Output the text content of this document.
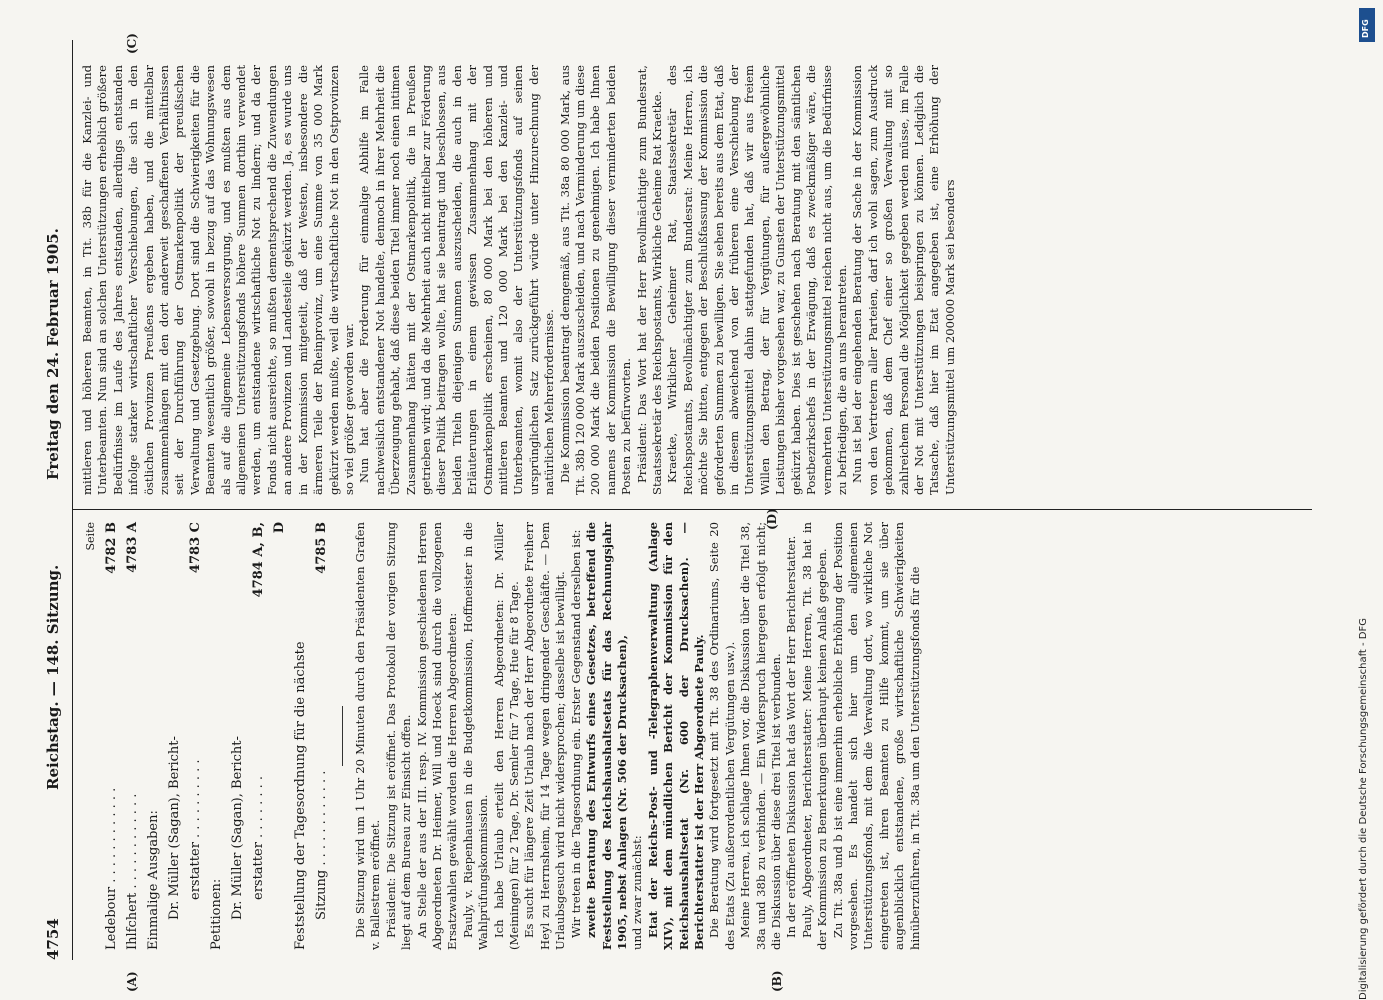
4754
Reichstag. — 148. Sitzung.
Freitag den 24. Februar 1905.
(A)	(B)
(C)
(D)
Seite
Ledebour . . . . . . . . . . . .
4782 B
Ihlfchert . . . . . . . . . . . .
4783 A
Einmalige Ausgaben: Dr. Müller (Sagan), Bericht- erstatter . . . . . . . . . .
4783 C
Petitionen: Dr. Müller (Sagan), Bericht- erstatter . . . . . . . .
4784 A, B, D
Feststellung der Tagesordnung für die nächste Sitzung . . . . . . . . . . . .
4785 B Die Sitzung wird um 1 Uhr 20 Minuten durch den Präsidenten Grafen v. Ballestrem eröffnet. Präsident: Die Sitzung ist eröffnet. Das Protokoll der vorigen Sitzung liegt auf dem Bureau zur Einsicht offen. An Stelle der aus der III. resp. IV. Kommission geschiedenen Herren Abgeordneten Dr. Heimer, Will und Hoeck sind durch die vollzogenen Ersatzwahlen gewählt worden die Herren Abgeordneten: Pauly, v. Riepenhausen in die Budgetkommission, Hoffmeister in die Wahlprüfungskommission. Ich habe Urlaub erteilt den Herren Abgeordneten: Dr. Müller (Meiningen) für 2 Tage, Dr. Semler für 7 Tage, Hue für 8 Tage. Es sucht für längere Zeit Urlaub nach der Herr Abgeordnete Freiherr Heyl zu Herrnsheim, für 14 Tage wegen dringender Geschäfte. — Dem Urlaubsgesuch wird nicht widersprochen; dasselbe ist bewilligt. Wir treten in die Tagesordnung ein. Erster Gegenstand derselben ist: zweite Beratung des Entwurfs eines Gesetzes, betreffend die Feststellung des Reichshaushaltsetats für das Rechnungsjahr 1905, nebst Anlagen (Nr. 506 der Drucksachen), und zwar zunächst: Etat der Reichs-Post- und -Telegraphenverwaltung (Anlage XIV), mit dem mündlichen Bericht der Kommission für den Reichshaushaltsetat (Nr. 600 der Drucksachen). — Berichterstatter ist der Herr Abgeordnete Pauly. Die Beratung wird fortgesetzt mit Tit. 38 des Ordinariums, Seite 20 des Etats (Zu außerordentlichen Vergütungen usw.). Meine Herren, ich schlage Ihnen vor, die Diskussion über die Titel 38, 38a und 38b zu verbinden. — Ein Widerspruch hiergegen erfolgt nicht; die Diskussion über diese drei Titel ist verbunden. In der eröffneten Diskussion hat das Wort der Herr Berichterstatter. Pauly, Abgeordneter, Berichterstatter: Meine Herren, Tit. 38 hat in der Kommission zu Bemerkungen überhaupt keinen Anlaß gegeben. Zu Tit. 38a und b ist eine immerhin erhebliche Erhöhung der Position vorgesehen. Es handelt sich hier um den allgemeinen Unterstützungsfonds, mit dem die Verwaltung dort, wo wirkliche Not eingetreten ist, ihren Beamten zu Hilfe kommt, um sie über augenblicklich entstandene, große wirtschaftliche Schwierigkeiten hinüberzuführen, in Tit. 38a um den Unterstützungsfonds für die

mittleren und höheren Beamten, in Tit. 38b für die Kanzlei- und Unterbeamten. Nun sind an solchen Unterstützungen erheblich größere Bedürfnisse im Laufe des Jahres entstanden, allerdings entstanden infolge starker wirtschaftlicher Verschiebungen, die sich in den östlichen Provinzen Preußens ergeben haben, und die mittelbar zusammenhängen mit den dort anderweit geschaffenen Verhältnissen seit der Durchführung der Ostmarkenpolitik der preußischen Verwaltung und Gesetzgebung. Dort sind die Schwierigkeiten für die Beamten wesentlich größer, sowohl in bezug auf das Wohnungswesen als auf die allgemeine Lebensversorgung, und es mußten aus dem allgemeinen Unterstützungsfonds höhere Summen dorthin verwendet werden, um entstandene wirtschaftliche Not zu lindern; und da der Fonds nicht ausreichte, so mußten dementsprechend die Zuwendungen an andere Provinzen und Landesteile gekürzt werden. Ja, es wurde uns in der Kommission mitgeteilt, daß der Westen, insbesondere die ärmeren Teile der Rheinprovinz, um eine Summe von 35 000 Mark gekürzt werden mußte, weil die wirtschaftliche Not in den Ostprovinzen so viel größer geworden war. Nun hat aber die Forderung für einmalige Abhilfe im Falle nachweislich entstandener Not handelte, dennoch in ihrer Mehrheit die Überzeugung gehabt, daß diese beiden Titel immer noch einen intimen Zusammenhang hätten mit der Ostmarkenpolitik, die in Preußen getrieben wird; und da die Mehrheit auch nicht mittelbar zur Förderung dieser Politik beitragen wollte, hat sie beantragt und beschlossen, aus beiden Titeln diejenigen Summen auszuscheiden, die auch in den Erläuterungen in einem gewissen Zusammenhang mit der Ostmarkenpolitik erscheinen, 80 000 Mark bei den höheren und mittleren Beamten und 120 000 Mark bei den Kanzlei- und Unterbeamten, womit also der Unterstützungsfonds auf seinen ursprünglichen Satz zurückgeführt würde unter Hinzurechnung der natürlichen Mehrerfordernisse. Die Kommission beantragt demgemäß, aus Tit. 38a 80 000 Mark, aus Tit. 38b 120 000 Mark auszuscheiden, und nach Verminderung um diese 200 000 Mark die beiden Positionen zu genehmigen. Ich habe Ihnen namens der Kommission die Bewilligung dieser verminderten beiden Posten zu befürworten. Präsident: Das Wort hat der Herr Bevollmächtigte zum Bundesrat, Staatssekretär des Reichspostamts, Wirkliche Geheime Rat Kraetke. Kraetke, Wirklicher Geheimer Rat, Staatssekretär des Reichspostamts, Bevollmächtigter zum Bundesrat: Meine Herren, ich möchte Sie bitten, entgegen der Beschlußfassung der Kommission die geforderten Summen zu bewilligen. Sie sehen bereits aus dem Etat, daß in diesem abweichend von der früheren eine Verschiebung der Unterstützungsmittel dahin stattgefunden hat, daß wir aus freiem Willen den Betrag, der für Vergütungen, für außergewöhnliche Leistungen bisher vorgesehen war, zu Gunsten der Unterstützungsmittel gekürzt haben. Dies ist geschehen nach Beratung mit den sämtlichen Postbezirkschefs in der Erwägung, daß es zweckmäßiger wäre, die vermehrten Unterstützungsmittel reichen nicht aus, um die Bedürfnisse zu befriedigen, die an uns herantreten. Nun ist bei der eingehenden Beratung der Sache in der Kommission von den Vertretern aller Parteien, darf ich wohl sagen, zum Ausdruck gekommen, daß dem Chef einer so großen Verwaltung mit so zahlreichem Personal die Möglichkeit gegeben werden müsse, im Falle der Not mit Unterstützungen beispringen zu können. Lediglich die Tatsache, daß hier im Etat angegeben ist, eine Erhöhung der Unterstützungsmittel um 200000 Mark sei besonders

DFG
Digitalisierung gefördert durch die Deutsche Forschungsgemeinschaft - DFG
